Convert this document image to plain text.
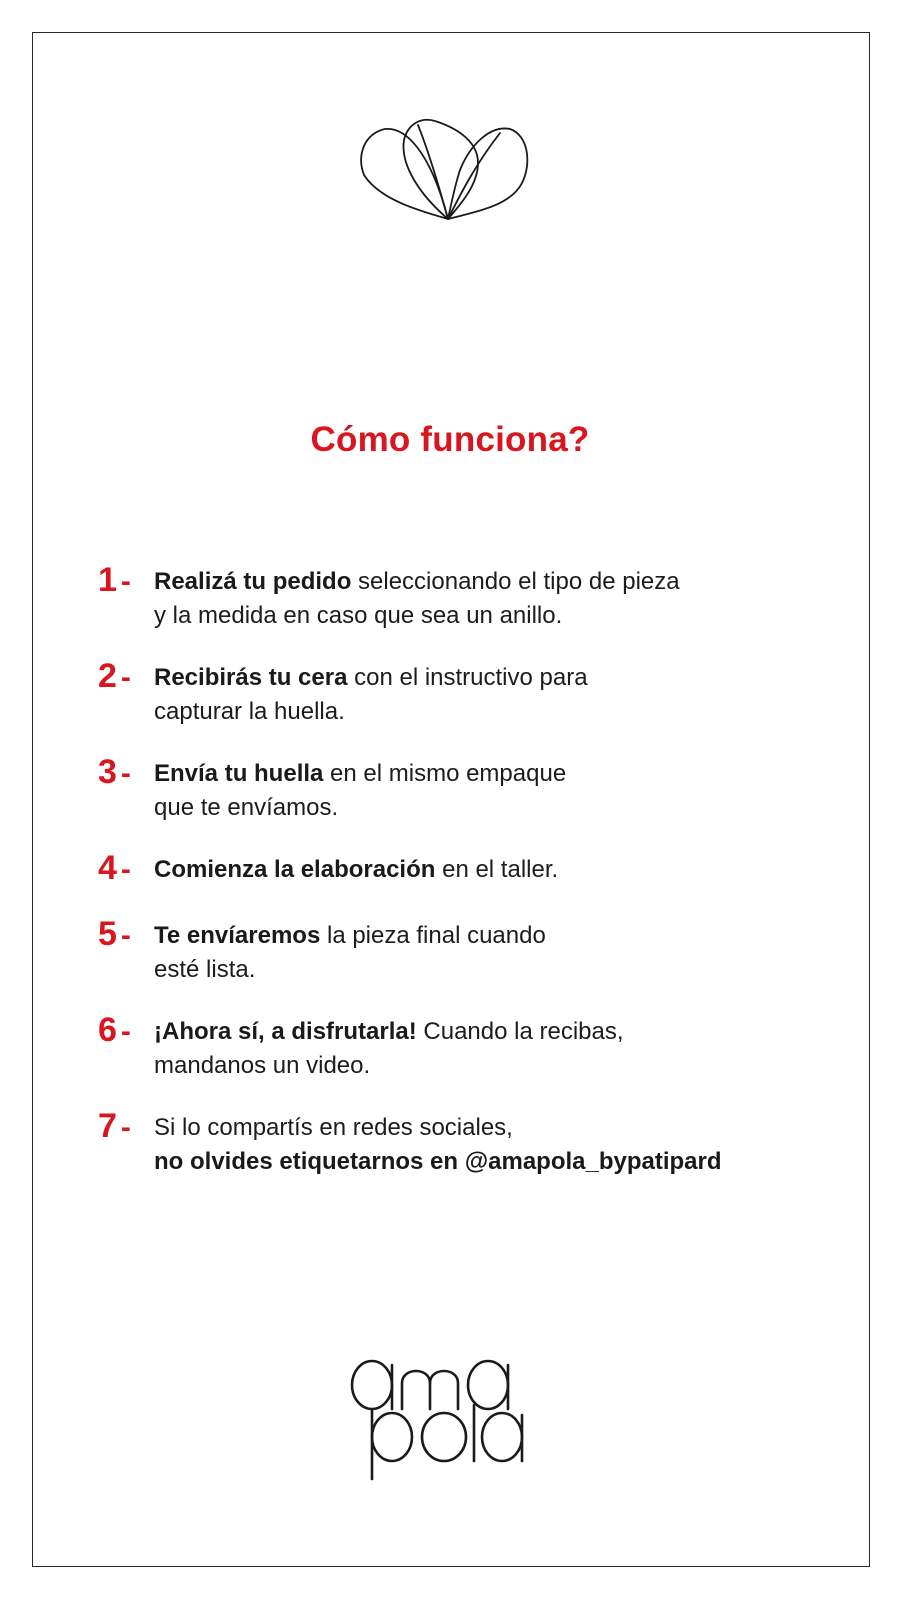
Cómo funciona?
1 - Realizá tu pedido seleccionando el tipo de pieza
y la medida en caso que sea un anillo.
2 - Recibirás tu cera con el instructivo para
capturar la huella.
3 - Envía tu huella en el mismo empaque
que te envíamos.
4 - Comienza la elaboración en el taller.
5 - Te envíaremos la pieza final cuando
esté lista.
6 - ¡Ahora sí, a disfrutarla! Cuando la recibas,
mandanos un video.
7 - Si lo compartís en redes sociales,
no olvides etiquetarnos en @amapola_bypatipard
